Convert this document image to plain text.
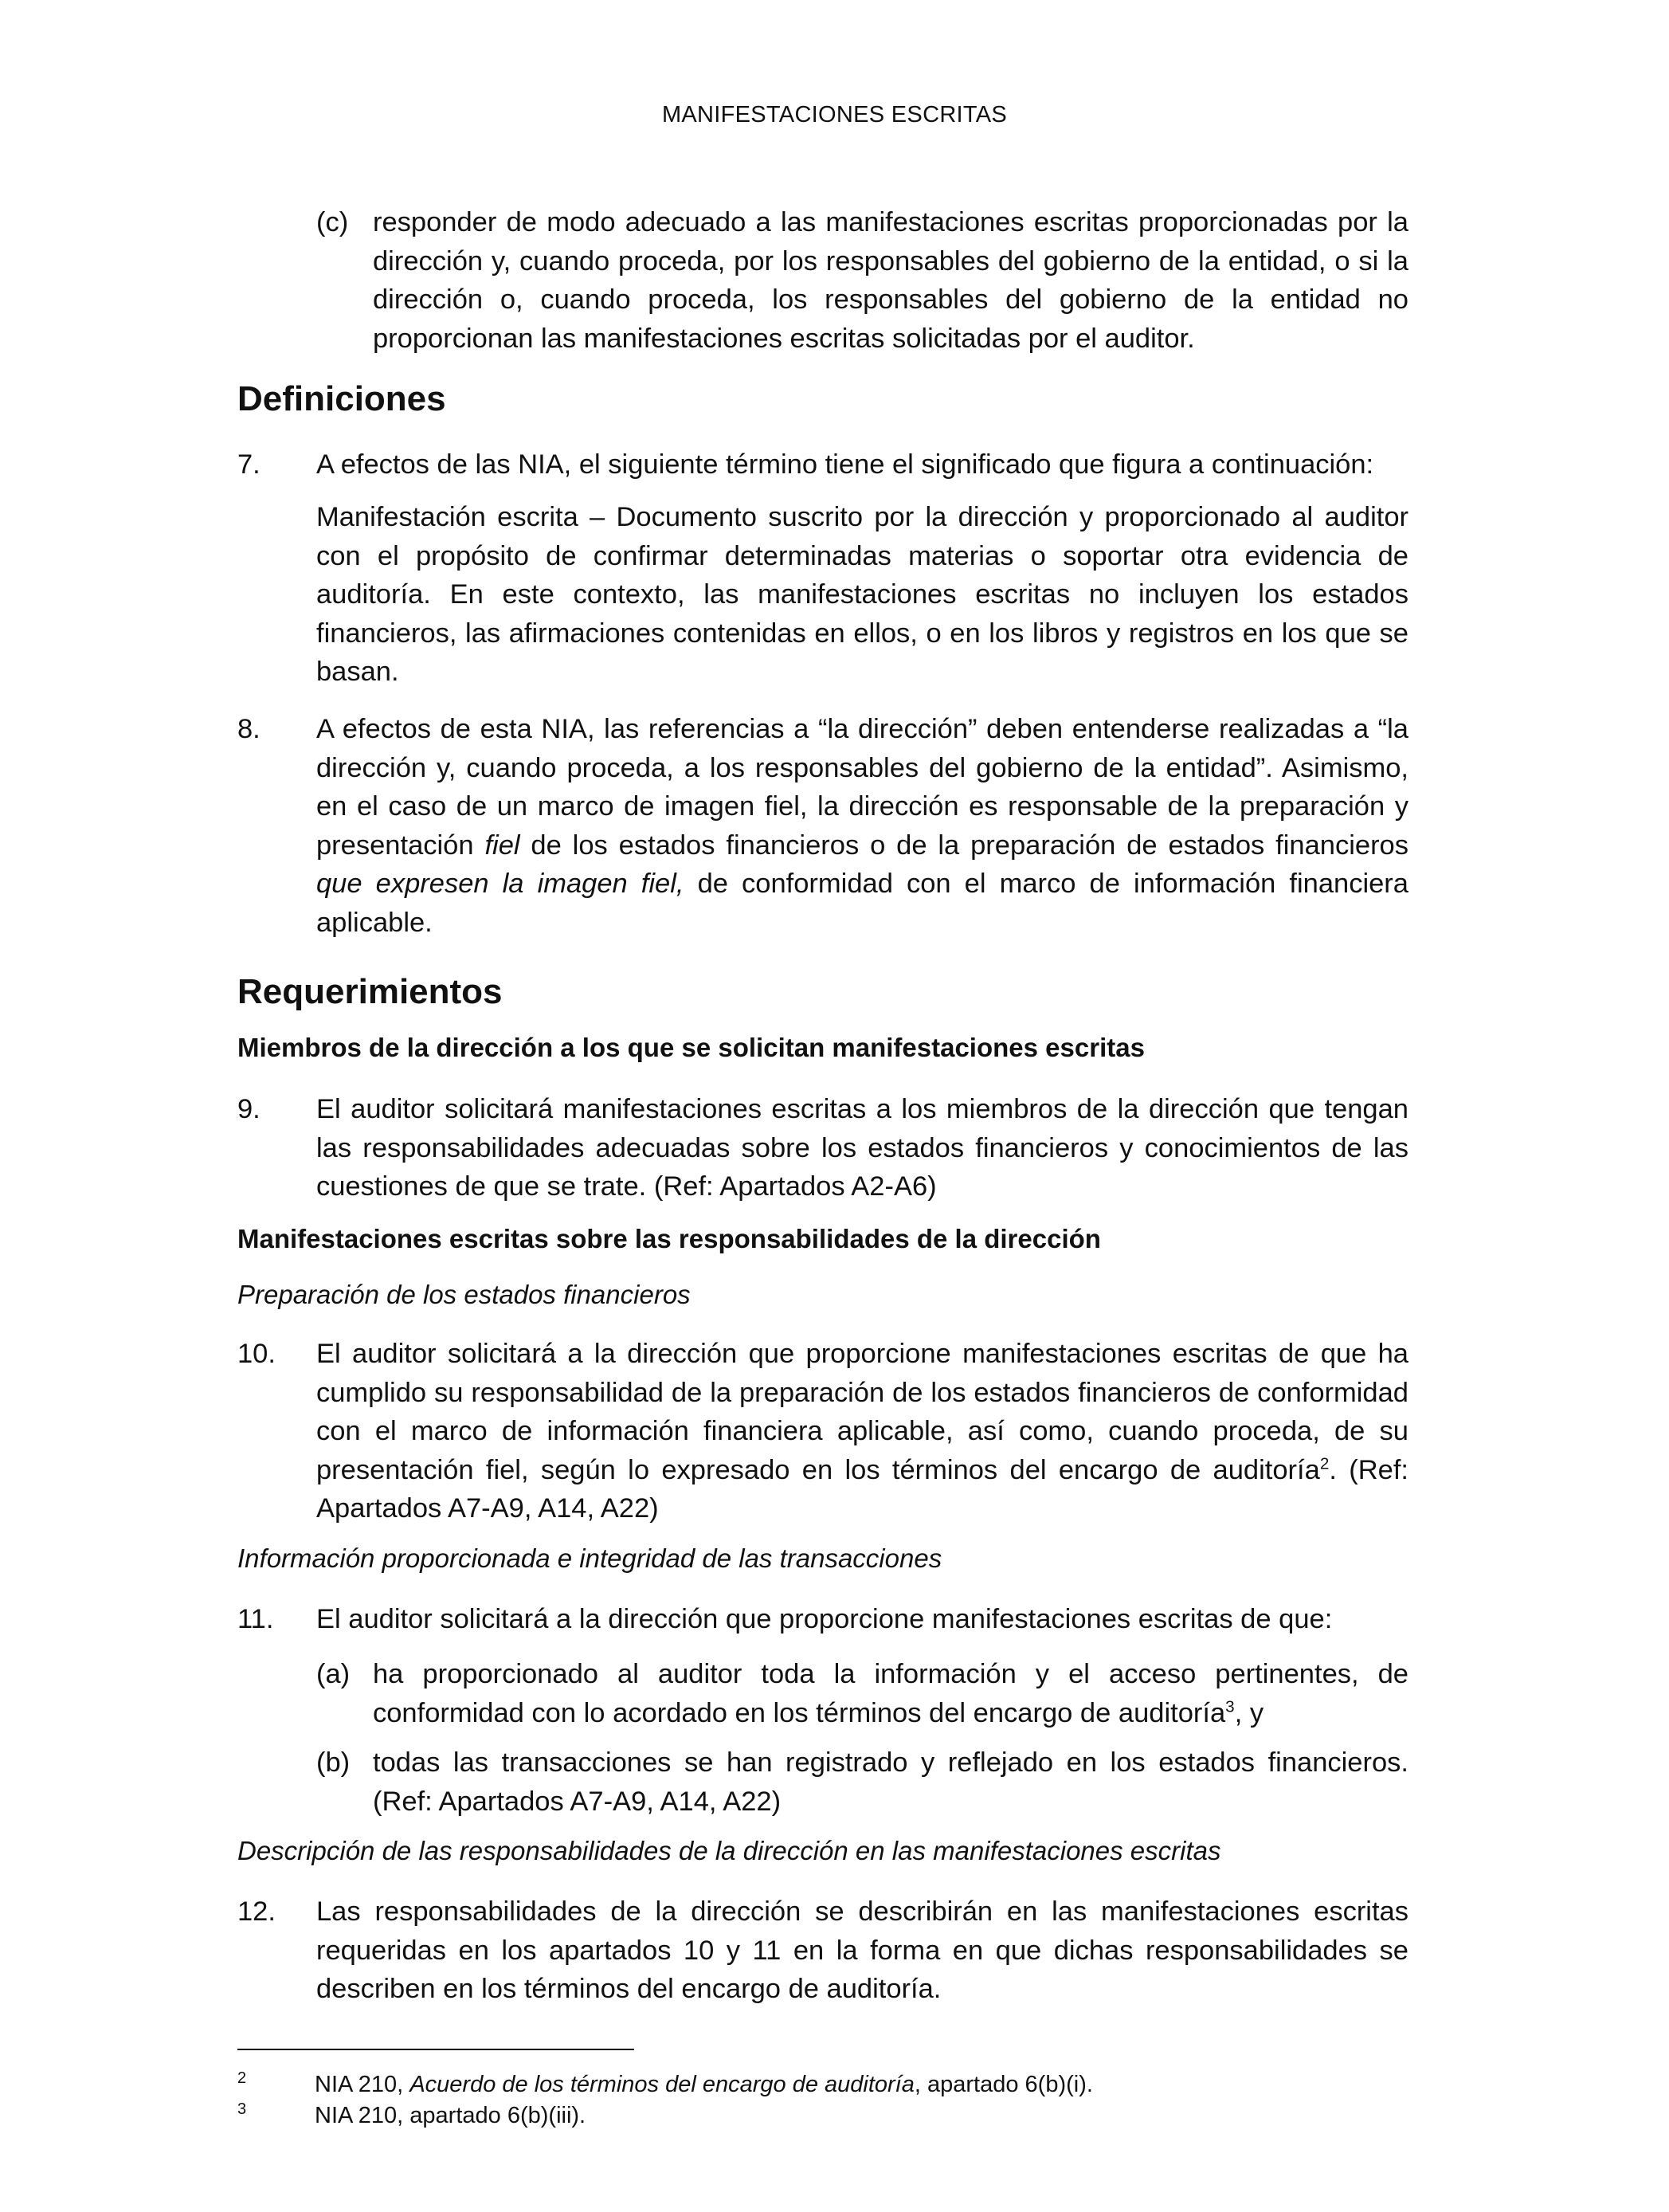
MANIFESTACIONES ESCRITAS
(c) responder de modo adecuado a las manifestaciones escritas proporcionadas por la dirección y, cuando proceda, por los responsables del gobierno de la entidad, o si la dirección o, cuando proceda, los responsables del gobierno de la entidad no proporcionan las manifestaciones escritas solicitadas por el auditor.
Definiciones
7. A efectos de las NIA, el siguiente término tiene el significado que figura a continuación:
Manifestación escrita – Documento suscrito por la dirección y proporcionado al auditor con el propósito de confirmar determinadas materias o soportar otra evidencia de auditoría. En este contexto, las manifestaciones escritas no incluyen los estados financieros, las afirmaciones contenidas en ellos, o en los libros y registros en los que se basan.
8. A efectos de esta NIA, las referencias a “la dirección” deben entenderse realizadas a “la dirección y, cuando proceda, a los responsables del gobierno de la entidad”. Asimismo, en el caso de un marco de imagen fiel, la dirección es responsable de la preparación y presentación fiel de los estados financieros o de la preparación de estados financieros que expresen la imagen fiel, de conformidad con el marco de información financiera aplicable.
Requerimientos
Miembros de la dirección a los que se solicitan manifestaciones escritas
9. El auditor solicitará manifestaciones escritas a los miembros de la dirección que tengan las responsabilidades adecuadas sobre los estados financieros y conocimientos de las cuestiones de que se trate. (Ref: Apartados A2-A6)
Manifestaciones escritas sobre las responsabilidades de la dirección
Preparación de los estados financieros
10. El auditor solicitará a la dirección que proporcione manifestaciones escritas de que ha cumplido su responsabilidad de la preparación de los estados financieros de conformidad con el marco de información financiera aplicable, así como, cuando proceda, de su presentación fiel, según lo expresado en los términos del encargo de auditoría$^2$. (Ref: Apartados A7-A9, A14, A22)
Información proporcionada e integridad de las transacciones
11. El auditor solicitará a la dirección que proporcione manifestaciones escritas de que:
(a) ha proporcionado al auditor toda la información y el acceso pertinentes, de conformidad con lo acordado en los términos del encargo de auditoría$^3$, y
(b) todas las transacciones se han registrado y reflejado en los estados financieros. (Ref: Apartados A7-A9, A14, A22)
Descripción de las responsabilidades de la dirección en las manifestaciones escritas
12. Las responsabilidades de la dirección se describirán en las manifestaciones escritas requeridas en los apartados 10 y 11 en la forma en que dichas responsabilidades se describen en los términos del encargo de auditoría.
2	NIA 210, Acuerdo de los términos del encargo de auditoría, apartado 6(b)(i).
3	NIA 210, apartado 6(b)(iii).
